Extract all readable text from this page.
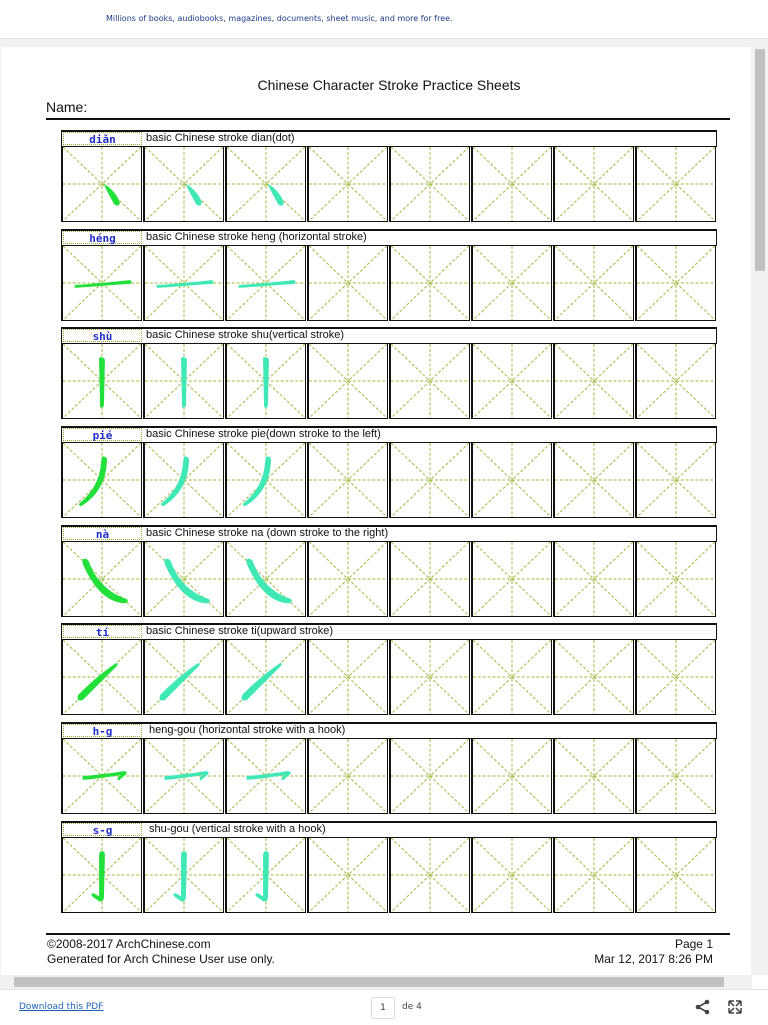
Millions of books, audiobooks, magazines, documents, sheet music, and more for free.
Chinese Character Stroke Practice Sheets
Name:
diǎn	basic Chinese stroke dian(dot)
héng	basic Chinese stroke heng (horizontal stroke)
shù	basic Chinese stroke shu(vertical stroke)
pié	basic Chinese stroke pie(down stroke to the left)
nà	basic Chinese stroke na (down stroke to the right)
tí	basic Chinese stroke ti(upward stroke)
h-g	heng-gou (horizontal stroke with a hook)
s-g	shu-gou (vertical stroke with a hook)
©2008-2017 ArchChinese.com
Generated for Arch Chinese User use only.
Page 1
Mar 12, 2017 8:26 PM
Download this PDF	1	de 4
